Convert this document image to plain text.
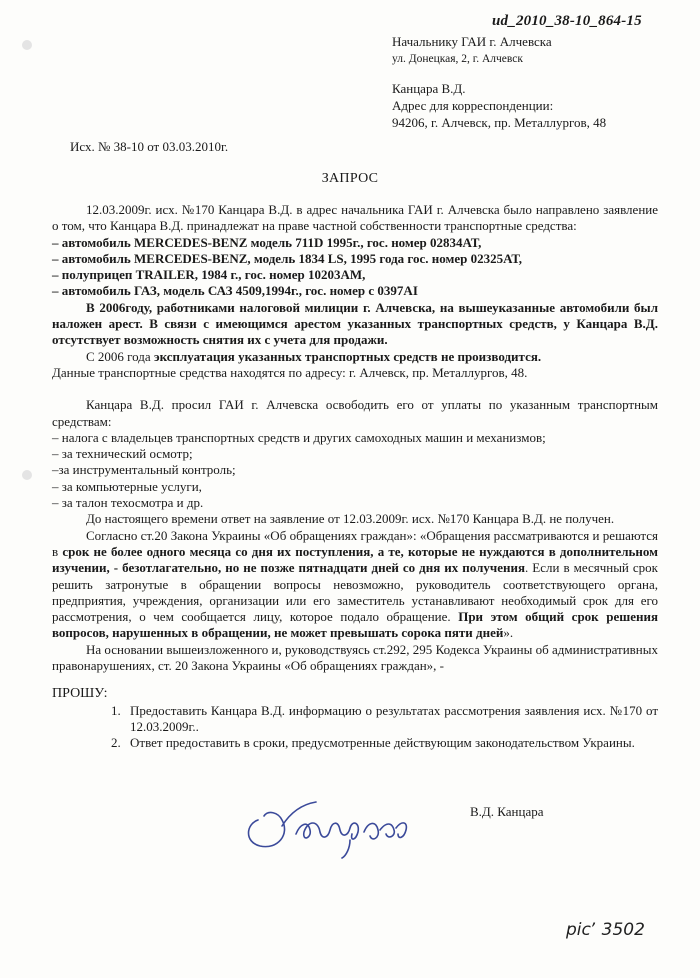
ud_2010_38-10_864-15
Начальнику ГАИ г. Алчевска
ул. Донецкая, 2, г. Алчевск
Канцара В.Д.
Адрес для корреспонденции:
94206, г. Алчевск, пр. Металлургов, 48
Исх. № 38-10 от 03.03.2010г.
ЗАПРОС

12.03.2009г. исх. №170 Канцара В.Д. в адрес начальника ГАИ г. Алчевска было направлено заявление о том, что Канцара В.Д. принадлежат на праве частной собственности транспортные средства:

– автомобиль MERCEDES-BENZ модель 711D 1995г., гос. номер 02834АТ,

– автомобиль MERCEDES-BENZ, модель 1834 LS, 1995 года гос. номер 02325АТ,

– полуприцеп TRAILER, 1984 г., гос. номер 10203АМ,

– автомобиль ГАЗ, модель САЗ 4509,1994г., гос. номер с 0397АІ

В 2006году, работниками налоговой милиции г. Алчевска, на вышеуказанные автомобили был наложен арест. В связи с имеющимся арестом указанных транспортных средств, у Канцара В.Д. отсутствует возможность снятия их с учета для продажи.

С 2006 года эксплуатация указанных транспортных средств не производится.

Данные транспортные средства находятся по адресу: г. Алчевск, пр. Металлургов, 48.

Канцара В.Д. просил ГАИ г. Алчевска освободить его от уплаты по указанным транспортным средствам:

– налога с владельцев транспортных средств и других самоходных машин и механизмов;

– за технический осмотр;

–за инструментальный контроль;

– за компьютерные услуги,

– за талон техосмотра и др.

До настоящего времени ответ на заявление от 12.03.2009г. исх. №170 Канцара В.Д. не получен.

Согласно ст.20 Закона Украины «Об обращениях граждан»: «Обращения рассматриваются и решаются в срок не более одного месяца со дня их поступления, а те, которые не нуждаются в дополнительном изучении, - безотлагательно, но не позже пятнадцати дней со дня их получения. Если в месячный срок решить затронутые в обращении вопросы невозможно, руководитель соответствующего органа, предприятия, учреждения, организации или его заместитель устанавливают необходимый срок для его рассмотрения, о чем сообщается лицу, которое подало обращение. При этом общий срок решения вопросов, нарушенных в обращении, не может превышать сорока пяти дней».

На основании вышеизложенного и, руководствуясь ст.292, 295 Кодекса Украины об административных правонарушениях, ст. 20 Закона Украины «Об обращениях граждан», -

ПРОШУ:

1. Предоставить Канцара В.Д. информацию о результатах рассмотрения заявления исх. №170 от 12.03.2009г..
2. Ответ предоставить в сроки, предусмотренные действующим законодательством Украины.
В.Д. Канцара
рісʼ 3502
